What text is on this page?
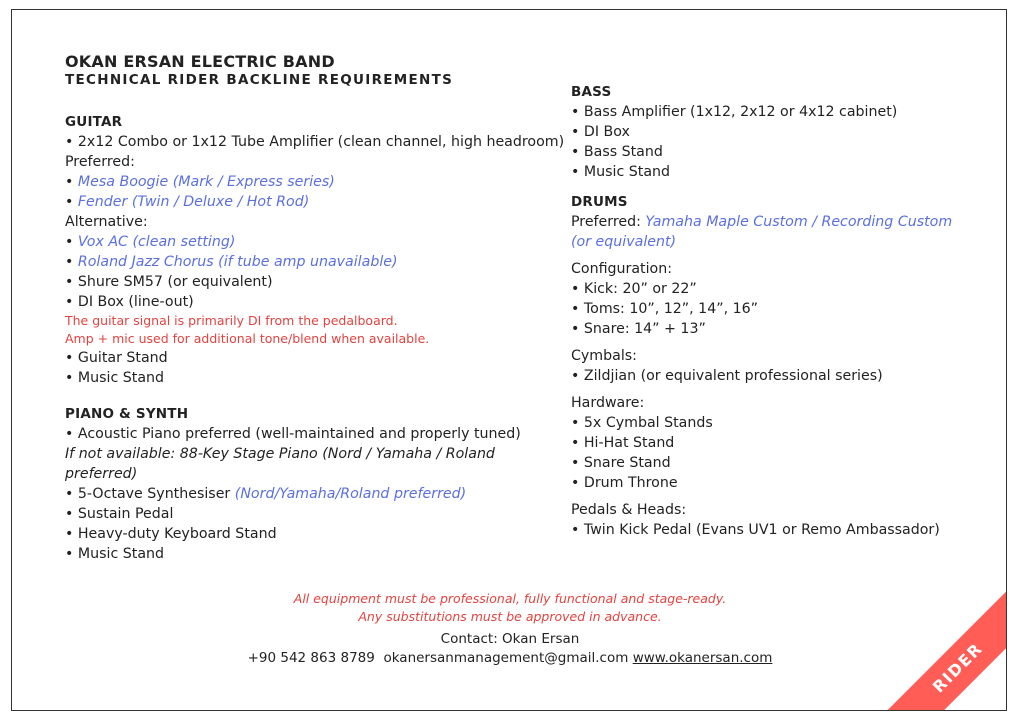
OKAN ERSAN ELECTRIC BAND
TECHNICAL RIDER BACKLINE REQUIREMENTS
GUITAR
• 2x12 Combo or 1x12 Tube Amplifier (clean channel, high headroom)
Preferred:
• Mesa Boogie (Mark / Express series)
• Fender (Twin / Deluxe / Hot Rod)
Alternative:
• Vox AC (clean setting)
• Roland Jazz Chorus (if tube amp unavailable)
• Shure SM57 (or equivalent)
• DI Box (line-out)
The guitar signal is primarily DI from the pedalboard.
Amp + mic used for additional tone/blend when available.
• Guitar Stand
• Music Stand
PIANO & SYNTH
• Acoustic Piano preferred (well-maintained and properly tuned)
If not available: 88-Key Stage Piano (Nord / Yamaha / Roland preferred)
• 5-Octave Synthesiser (Nord/Yamaha/Roland preferred)
• Sustain Pedal
• Heavy-duty Keyboard Stand
• Music Stand
BASS
• Bass Amplifier (1x12, 2x12 or 4x12 cabinet)
• DI Box
• Bass Stand
• Music Stand
DRUMS
Preferred: Yamaha Maple Custom / Recording Custom (or equivalent)
Configuration:
• Kick: 20” or 22”
• Toms: 10”, 12”, 14”, 16”
• Snare: 14” + 13”
Cymbals:
• Zildjian (or equivalent professional series)
Hardware:
• 5x Cymbal Stands
• Hi-Hat Stand
• Snare Stand
• Drum Throne
Pedals & Heads:
• Twin Kick Pedal (Evans UV1 or Remo Ambassador)
All equipment must be professional, fully functional and stage-ready.
Any substitutions must be approved in advance.
Contact: Okan Ersan
+90 542 863 8789 okanersanmanagement@gmail.com www.okanersan.com	RIDER
